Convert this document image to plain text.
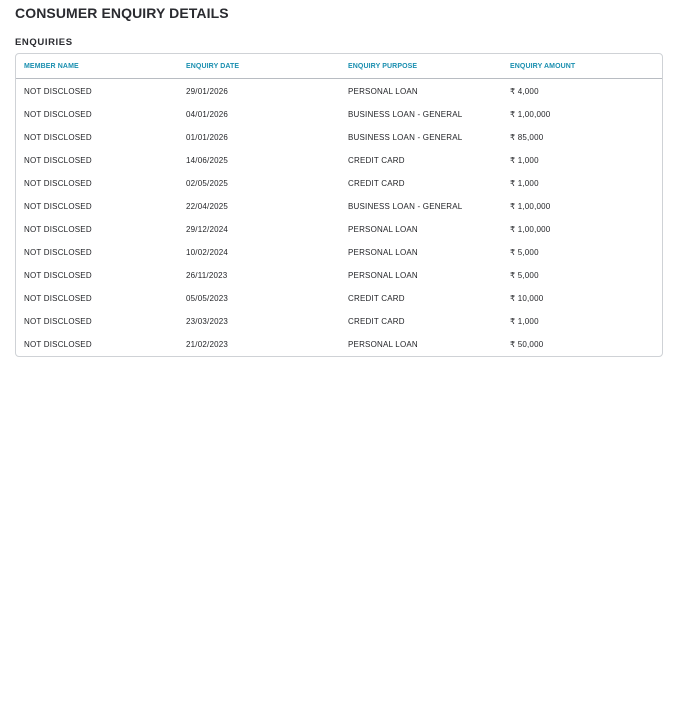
CONSUMER ENQUIRY DETAILS
ENQUIRIES
MEMBER NAME	ENQUIRY DATE	ENQUIRY PURPOSE	ENQUIRY AMOUNT
NOT DISCLOSED	29/01/2026	PERSONAL LOAN	₹ 4,000
NOT DISCLOSED	04/01/2026	BUSINESS LOAN - GENERAL	₹ 1,00,000
NOT DISCLOSED	01/01/2026	BUSINESS LOAN - GENERAL	₹ 85,000
NOT DISCLOSED	14/06/2025	CREDIT CARD	₹ 1,000
NOT DISCLOSED	02/05/2025	CREDIT CARD	₹ 1,000
NOT DISCLOSED	22/04/2025	BUSINESS LOAN - GENERAL	₹ 1,00,000
NOT DISCLOSED	29/12/2024	PERSONAL LOAN	₹ 1,00,000
NOT DISCLOSED	10/02/2024	PERSONAL LOAN	₹ 5,000
NOT DISCLOSED	26/11/2023	PERSONAL LOAN	₹ 5,000
NOT DISCLOSED	05/05/2023	CREDIT CARD	₹ 10,000
NOT DISCLOSED	23/03/2023	CREDIT CARD	₹ 1,000
NOT DISCLOSED	21/02/2023	PERSONAL LOAN	₹ 50,000
